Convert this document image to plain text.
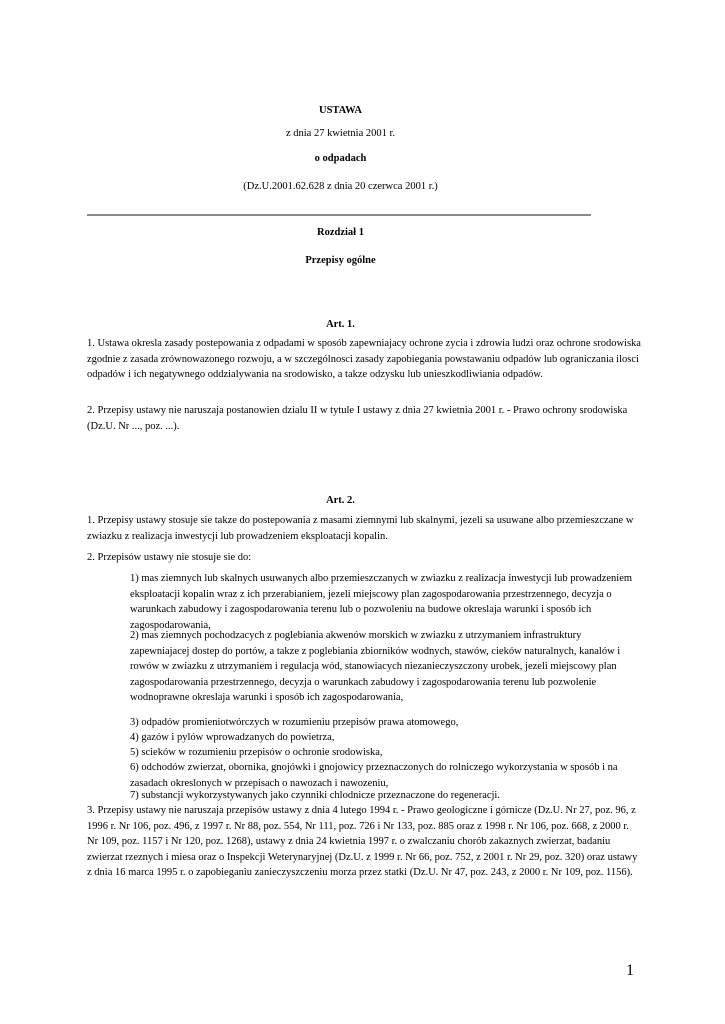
USTAWA
z dnia 27 kwietnia 2001 r.
o odpadach
(Dz.U.2001.62.628 z dnia 20 czerwca 2001 r.)
Rozdział 1
Przepisy ogólne
Art. 1.

1. Ustawa okresla zasady postepowania z odpadami w sposób zapewniajacy ochrone zycia i zdrowia ludzi oraz ochrone srodowiska zgodnie z zasada zrównowazonego rozwoju, a w szczególnosci zasady zapobiegania powstawaniu odpadów lub ograniczania ilosci odpadów i ich negatywnego oddzialywania na srodowisko, a takze odzysku lub unieszkodliwiania odpadów.

2. Przepisy ustawy nie naruszaja postanowien dzialu II w tytule I ustawy z dnia 27 kwietnia 2001 r. - Prawo ochrony srodowiska (Dz.U. Nr ..., poz. ...).

Art. 2.

1. Przepisy ustawy stosuje sie takze do postepowania z masami ziemnymi lub skalnymi, jezeli sa usuwane albo przemieszczane w zwiazku z realizacja inwestycji lub prowadzeniem eksploatacji kopalin.

2. Przepisów ustawy nie stosuje sie do:

1) mas ziemnych lub skalnych usuwanych albo przemieszczanych w zwiazku z realizacja inwestycji lub prowadzeniem eksploatacji kopalin wraz z ich przerabianiem, jezeli miejscowy plan zagospodarowania przestrzennego, decyzja o warunkach zabudowy i zagospodarowania terenu lub o pozwoleniu na budowe okreslaja warunki i sposób ich zagospodarowania,

2) mas ziemnych pochodzacych z poglebiania akwenów morskich w zwiazku z utrzymaniem infrastruktury zapewniajacej dostep do portów, a takze z poglebiania zbiorników wodnych, stawów, cieków naturalnych, kanalów i rowów w zwiazku z utrzymaniem i regulacja wód, stanowiacych niezanieczyszczony urobek, jezeli miejscowy plan zagospodarowania przestrzennego, decyzja o warunkach zabudowy i zagospodarowania terenu lub pozwolenie wodnoprawne okreslaja warunki i sposób ich zagospodarowania,

3) odpadów promieniotwórczych w rozumieniu przepisów prawa atomowego,

4) gazów i pylów wprowadzanych do powietrza,

5) scieków w rozumieniu przepisów o ochronie srodowiska,

6) odchodów zwierzat, obornika, gnojówki i gnojowicy przeznaczonych do rolniczego wykorzystania w sposób i na zasadach okreslonych w przepisach o nawozach i nawozeniu,

7) substancji wykorzystywanych jako czynniki chlodnicze przeznaczone do regeneracji.

3. Przepisy ustawy nie naruszaja przepisów ustawy z dnia 4 lutego 1994 r. - Prawo geologiczne i górnicze (Dz.U. Nr 27, poz. 96, z 1996 r. Nr 106, poz. 496, z 1997 r. Nr 88, poz. 554, Nr 111, poz. 726 i Nr 133, poz. 885 oraz z 1998 r. Nr 106, poz. 668, z 2000 r. Nr 109, poz. 1157 i Nr 120, poz. 1268), ustawy z dnia 24 kwietnia 1997 r. o zwalczaniu chorób zakaznych zwierzat, badaniu zwierzat rzeznych i miesa oraz o Inspekcji Weterynaryjnej (Dz.U. z 1999 r. Nr 66, poz. 752, z 2001 r. Nr 29, poz. 320) oraz ustawy z dnia 16 marca 1995 r. o zapobieganiu zanieczyszczeniu morza przez statki (Dz.U. Nr 47, poz. 243, z 2000 r. Nr 109, poz. 1156).

1
